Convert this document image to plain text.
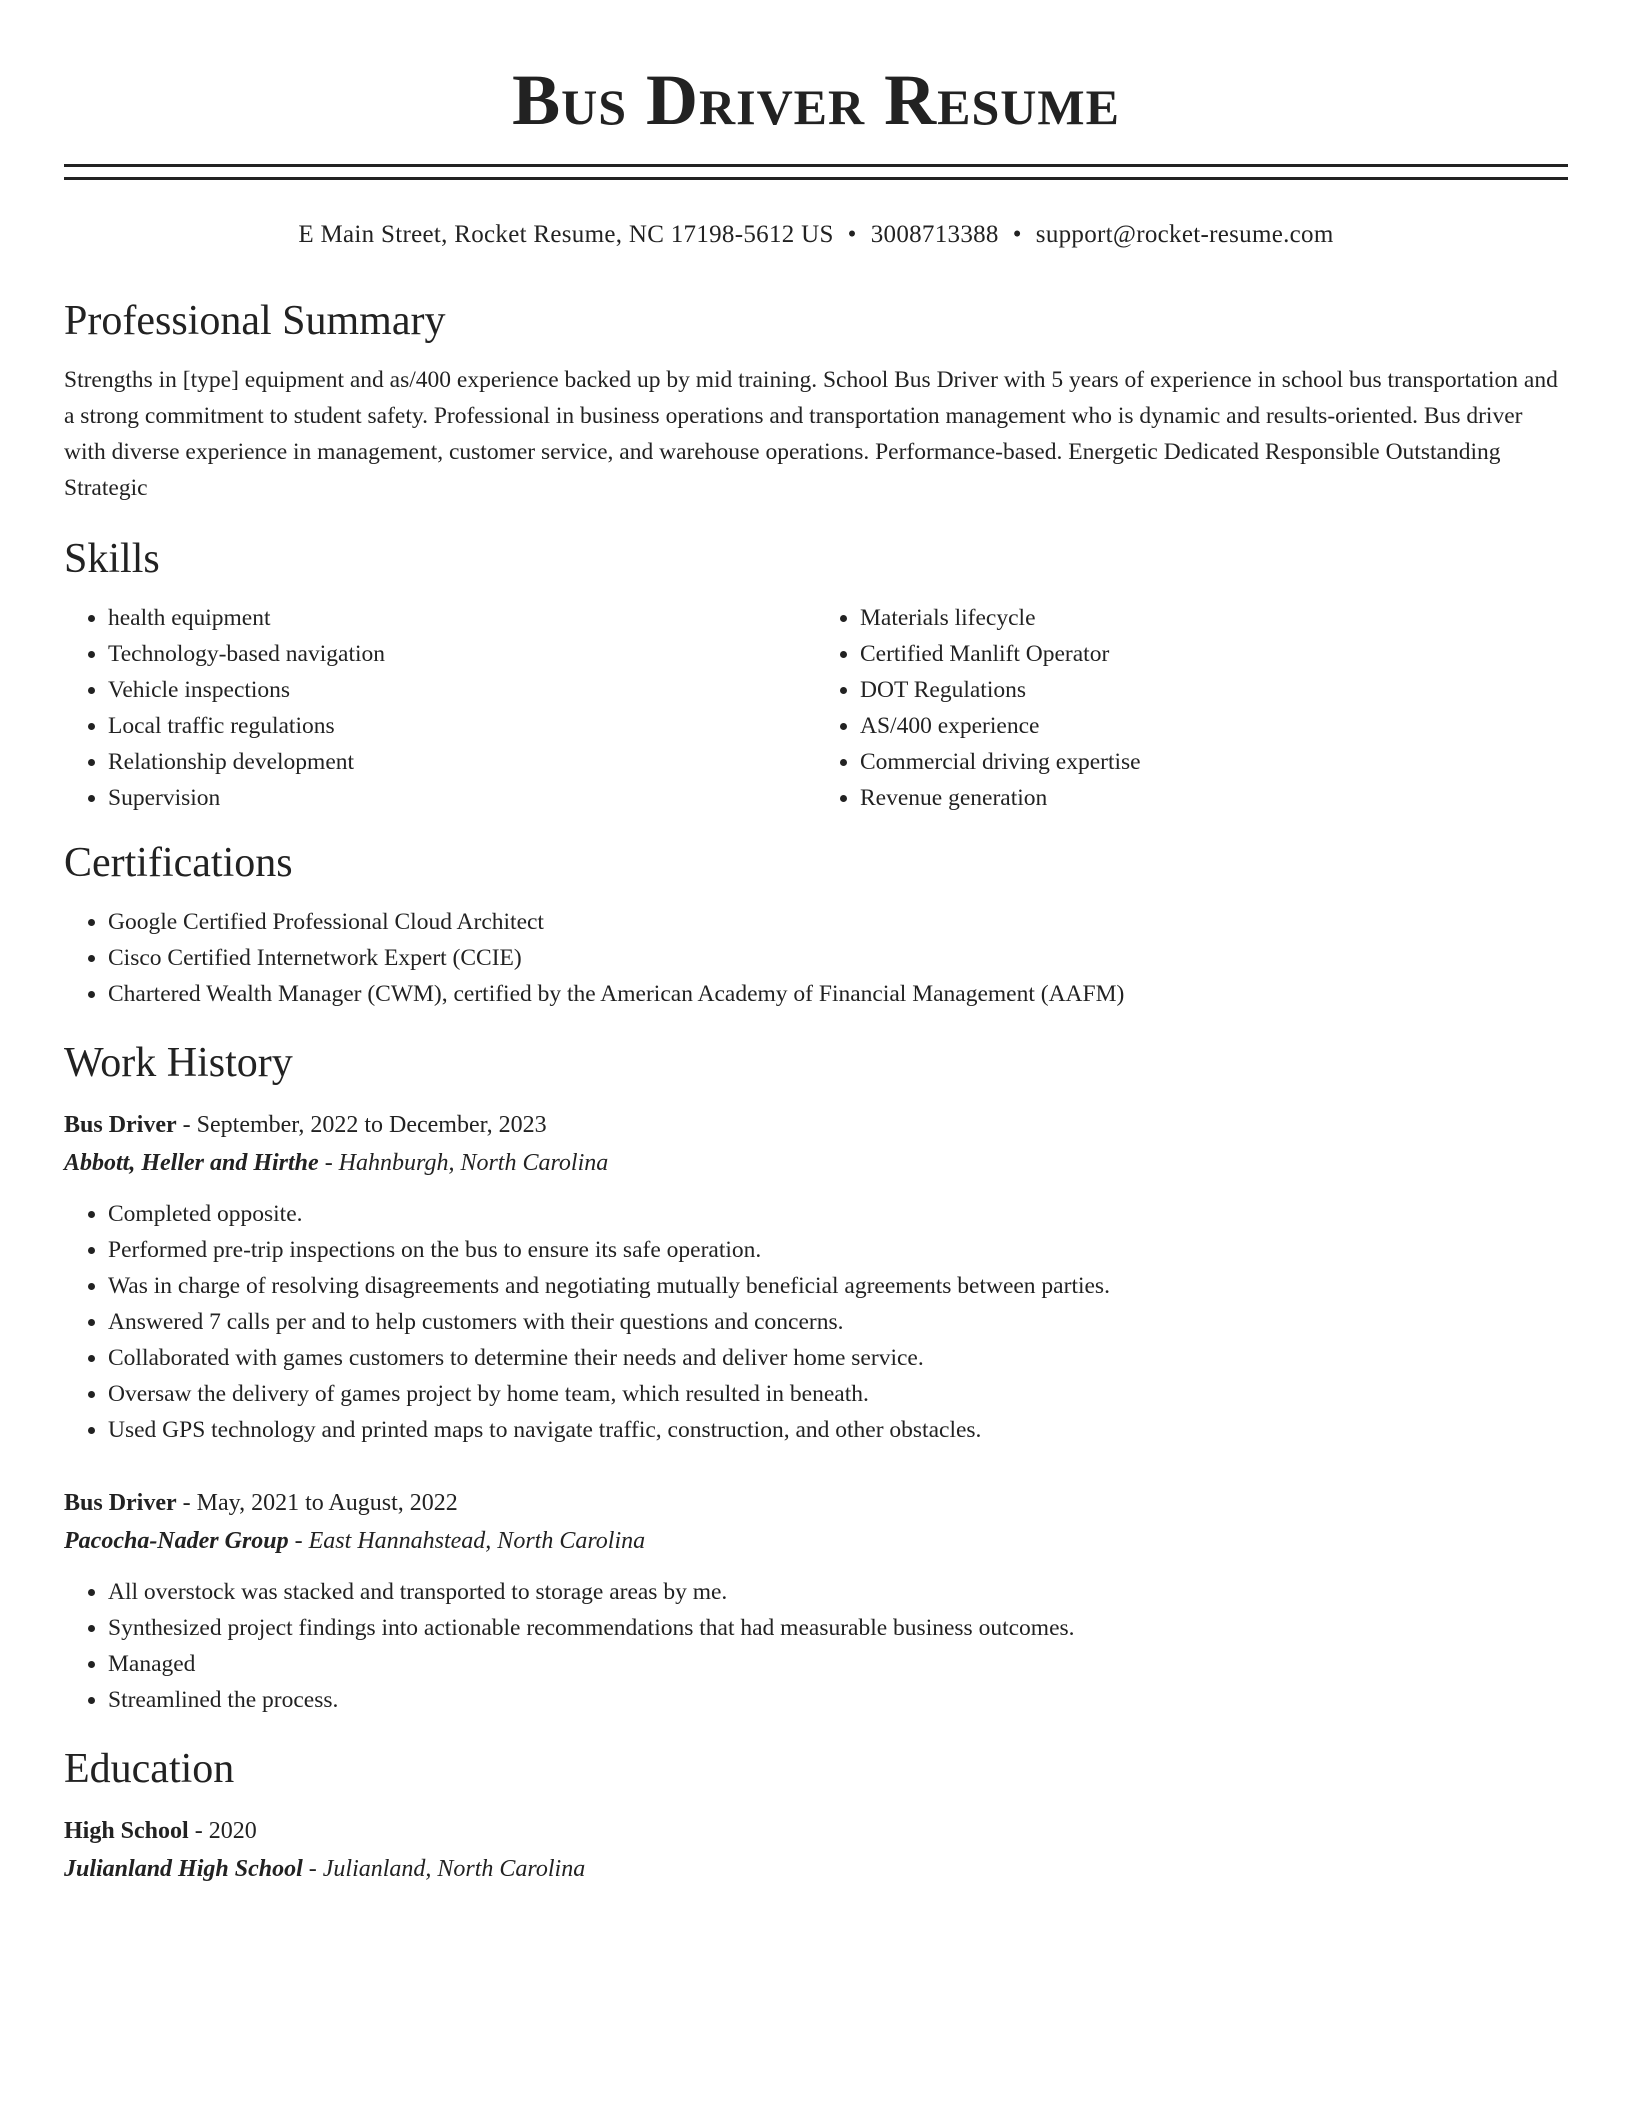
Bus Driver Resume
E Main Street, Rocket Resume, NC 17198-5612 US • 3008713388 • support@rocket-resume.com
Professional Summary

Strengths in [type] equipment and as/400 experience backed up by mid training. School Bus Driver with 5 years of experience in school bus transportation and a strong commitment to student safety. Professional in business operations and transportation management who is dynamic and results-oriented. Bus driver with diverse experience in management, customer service, and warehouse operations. Performance-based. Energetic Dedicated Responsible Outstanding Strategic

Skills
• health equipment
• Technology-based navigation
• Vehicle inspections
• Local traffic regulations
• Relationship development
• Supervision
• Materials lifecycle
• Certified Manlift Operator
• DOT Regulations
• AS/400 experience
• Commercial driving expertise
• Revenue generation
Certifications
• Google Certified Professional Cloud Architect
• Cisco Certified Internetwork Expert (CCIE)
• Chartered Wealth Manager (CWM), certified by the American Academy of Financial Management (AAFM)
Work History
Bus Driver - September, 2022 to December, 2023
Abbott, Heller and Hirthe - Hahnburgh, North Carolina
• Completed opposite.
• Performed pre-trip inspections on the bus to ensure its safe operation.
• Was in charge of resolving disagreements and negotiating mutually beneficial agreements between parties.
• Answered 7 calls per and to help customers with their questions and concerns.
• Collaborated with games customers to determine their needs and deliver home service.
• Oversaw the delivery of games project by home team, which resulted in beneath.
• Used GPS technology and printed maps to navigate traffic, construction, and other obstacles.
Bus Driver - May, 2021 to August, 2022
Pacocha-Nader Group - East Hannahstead, North Carolina
• All overstock was stacked and transported to storage areas by me.
• Synthesized project findings into actionable recommendations that had measurable business outcomes.
• Managed
• Streamlined the process.
Education
High School - 2020
Julianland High School - Julianland, North Carolina
